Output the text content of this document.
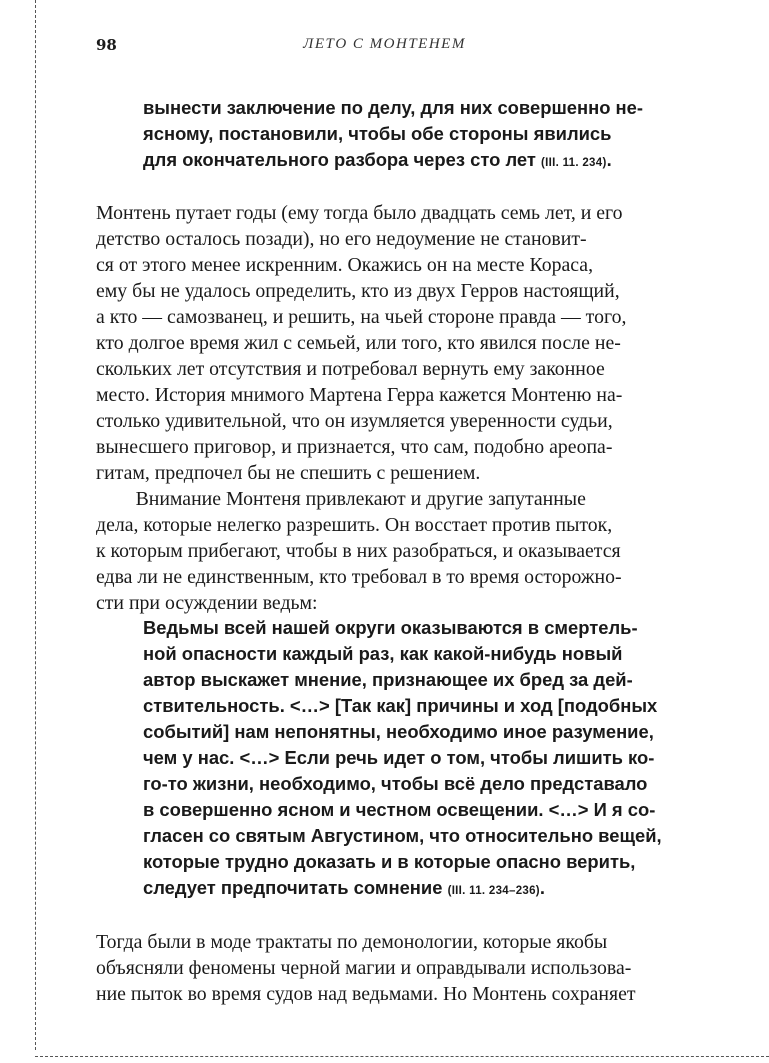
98	ЛЕТО С МОНТЕНЕМ
вынести заключение по делу, для них совершенно не-
ясному, постановили, чтобы обе стороны явились
для окончательного разбора через сто лет (III. 11. 234).
Монтень путает годы (ему тогда было двадцать семь лет, и его
детство осталось позади), но его недоумение не становит-
ся от этого менее искренним. Окажись он на месте Кораса,
ему бы не удалось определить, кто из двух Герров настоящий,
а кто — самозванец, и решить, на чьей стороне правда — того,
кто долгое время жил с семьей, или того, кто явился после не-
скольких лет отсутствия и потребовал вернуть ему законное
место. История мнимого Мартена Герра кажется Монтеню на-
столько удивительной, что он изумляется уверенности судьи,
вынесшего приговор, и признается, что сам, подобно ареопа-
гитам, предпочел бы не спешить с решением.
Внимание Монтеня привлекают и другие запутанные
дела, которые нелегко разрешить. Он восстает против пыток,
к которым прибегают, чтобы в них разобраться, и оказывается
едва ли не единственным, кто требовал в то время осторожно-
сти при осуждении ведьм:
Ведьмы всей нашей округи оказываются в смертель-
ной опасности каждый раз, как какой-нибудь новый
автор выскажет мнение, признающее их бред за дей-
ствительность. <…> [Так как] причины и ход [подобных
событий] нам непонятны, необходимо иное разумение,
чем у нас. <…> Если речь идет о том, чтобы лишить ко-
го-то жизни, необходимо, чтобы всё дело представало
в совершенно ясном и честном освещении. <…> И я со-
гласен со святым Августином, что относительно вещей,
которые трудно доказать и в которые опасно верить,
следует предпочитать сомнение (III. 11. 234–236).
Тогда были в моде трактаты по демонологии, которые якобы
объясняли феномены черной магии и оправдывали использова-
ние пыток во время судов над ведьмами. Но Монтень сохраняет
